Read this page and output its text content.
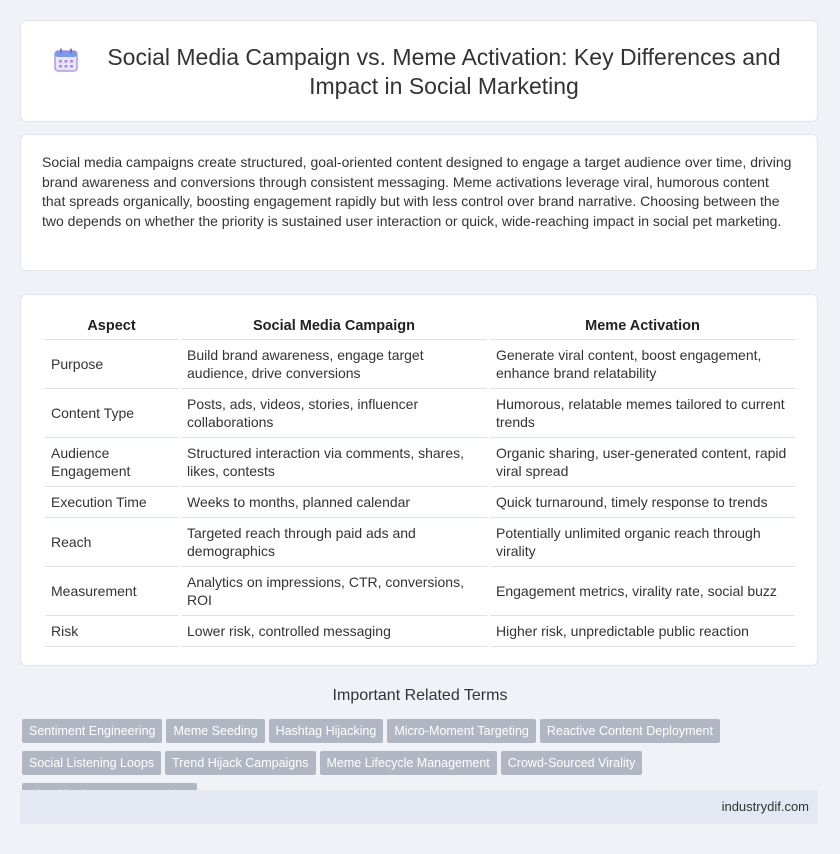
Social Media Campaign vs. Meme Activation: Key Differences and Impact in Social Marketing

Social media campaigns create structured, goal-oriented content designed to engage a target audience over time, driving brand awareness and conversions through consistent messaging. Meme activations leverage viral, humorous content that spreads organically, boosting engagement rapidly but with less control over brand narrative. Choosing between the two depends on whether the priority is sustained user interaction or quick, wide-reaching impact in social pet marketing.

Aspect	Social Media Campaign	Meme Activation
Purpose	Build brand awareness, engage target audience, drive conversions	Generate viral content, boost engagement, enhance brand relatability
Content Type	Posts, ads, videos, stories, influencer collaborations	Humorous, relatable memes tailored to current trends
Audience Engagement	Structured interaction via comments, shares, likes, contests	Organic sharing, user-generated content, rapid viral spread
Execution Time	Weeks to months, planned calendar	Quick turnaround, timely response to trends
Reach	Targeted reach through paid ads and demographics	Potentially unlimited organic reach through virality
Measurement	Analytics on impressions, CTR, conversions, ROI	Engagement metrics, virality rate, social buzz
Risk	Lower risk, controlled messaging	Higher risk, unpredictable public reaction
Important Related Terms
Sentiment Engineering Meme Seeding Hashtag Hijacking Micro-Moment Targeting Reactive Content Deployment
Social Listening Loops Trend Hijack Campaigns Meme Lifecycle Management Crowd-Sourced Virality
industrydif.com
